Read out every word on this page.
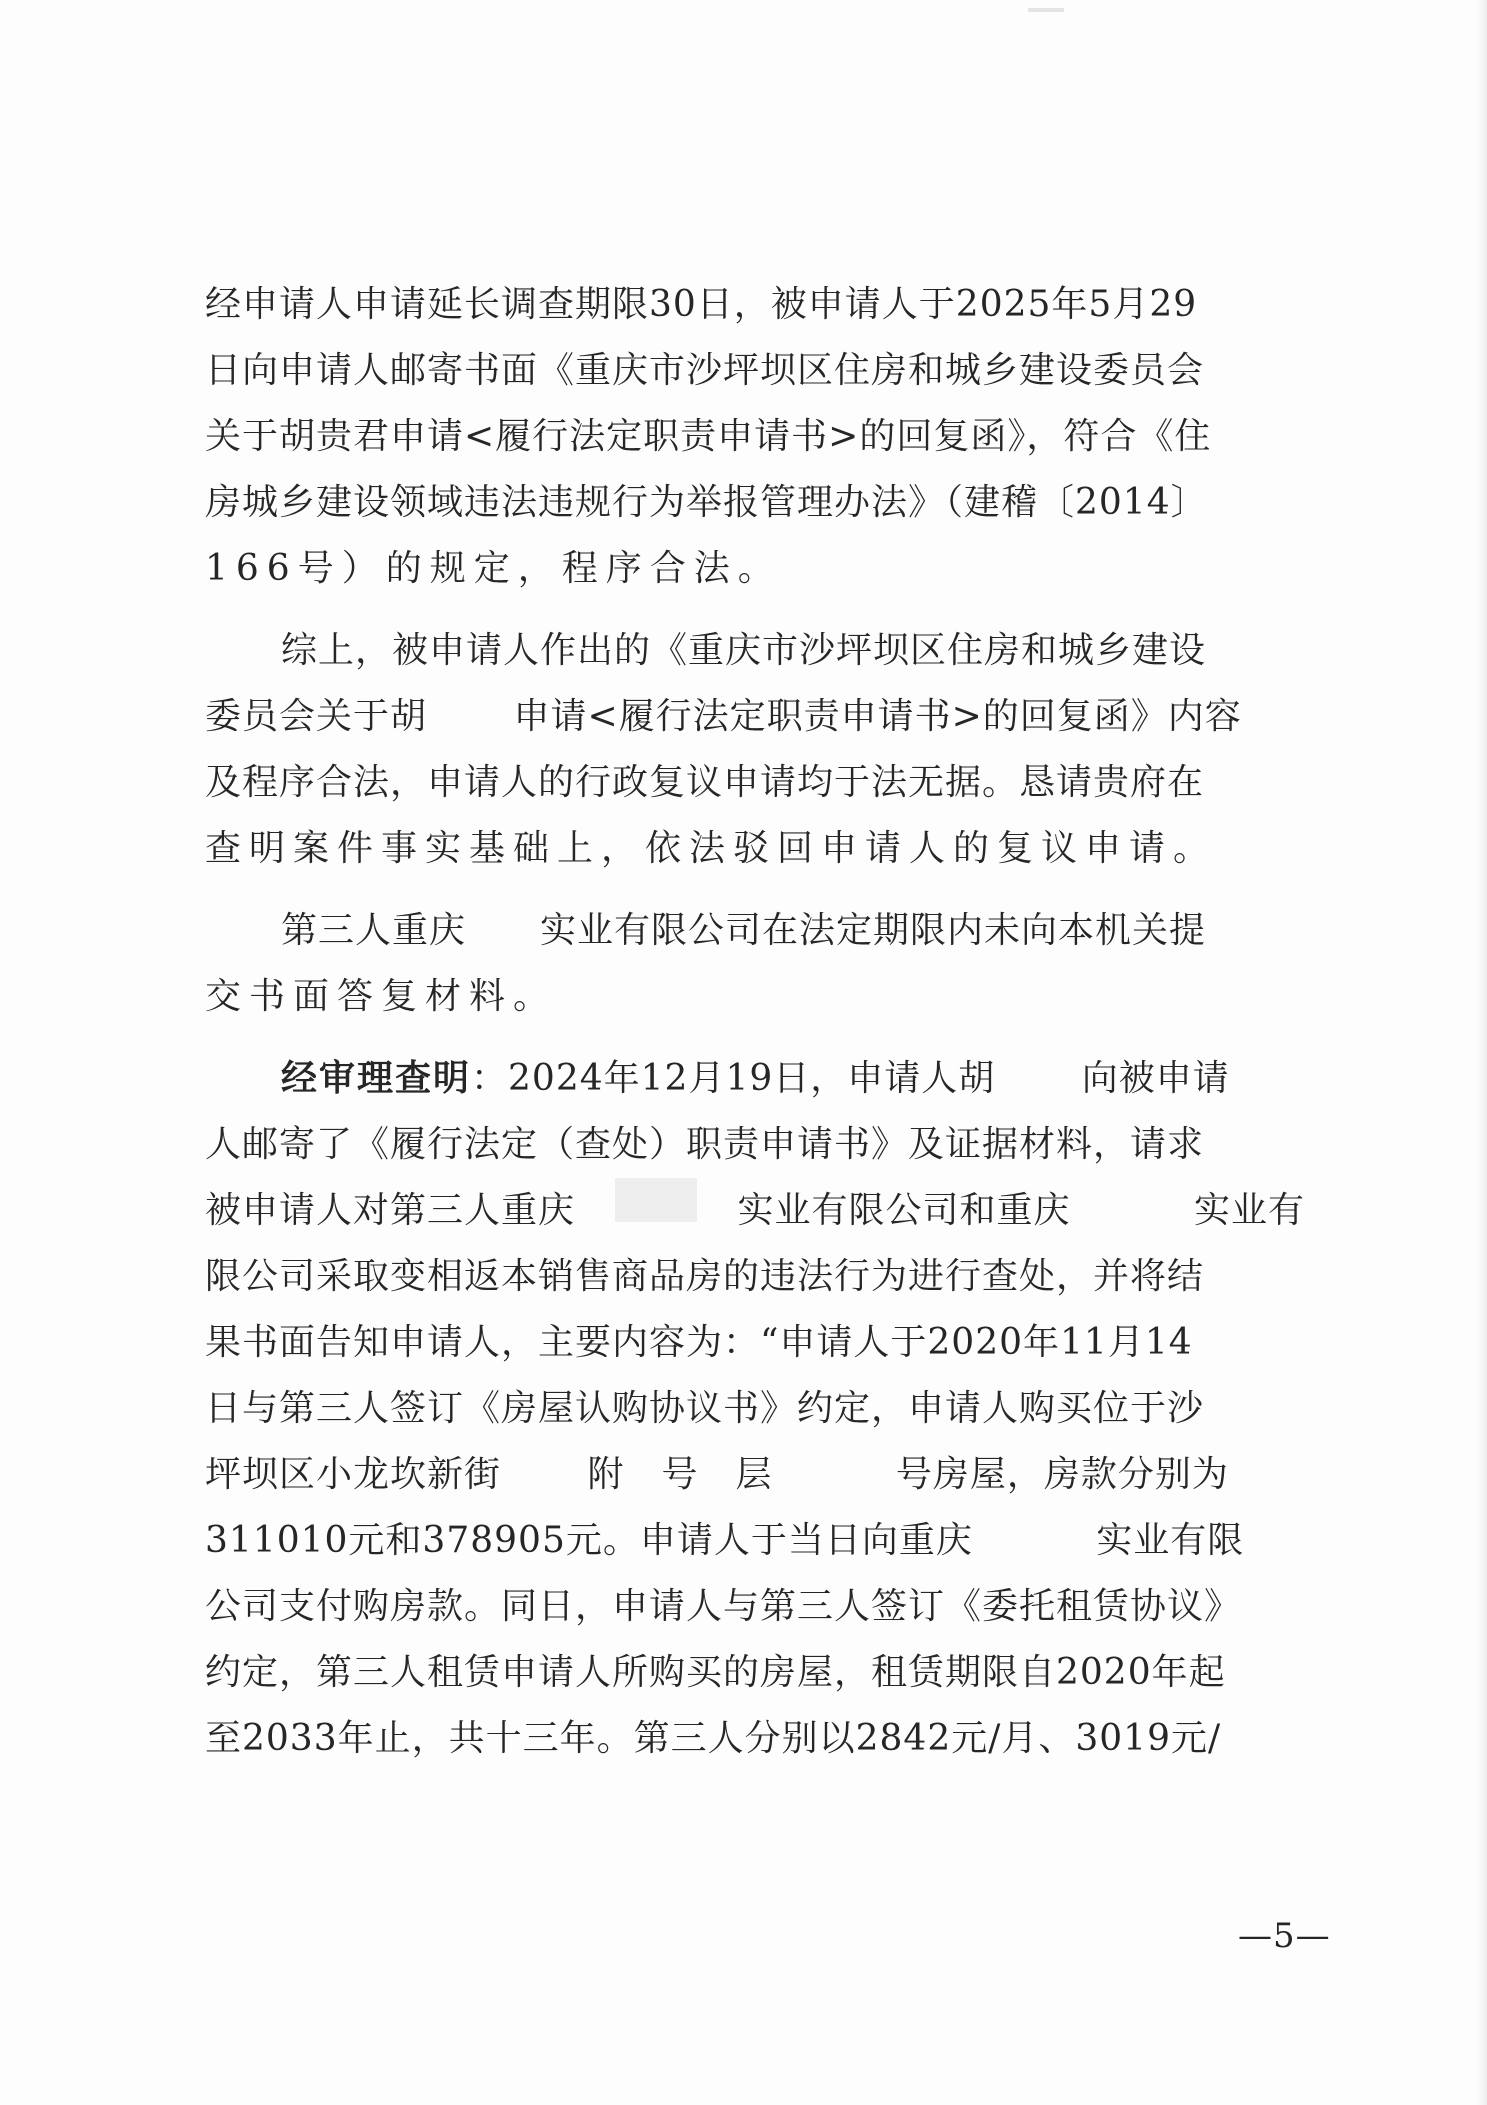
经申请人申请延长调查期限30日，被申请人于2025年5月29
日向申请人邮寄书面《重庆市沙坪坝区住房和城乡建设委员会
关于胡贵君申请<履行法定职责申请书>的回复函》，符合《住
房城乡建设领域违法违规行为举报管理办法》（建稽〔2014〕
166号）的规定，程序合法。
综上，被申请人作出的《重庆市沙坪坝区住房和城乡建设
委员会关于胡　　 申请<履行法定职责申请书>的回复函》内容
及程序合法，申请人的行政复议申请均于法无据。恳请贵府在
查明案件事实基础上，依法驳回申请人的复议申请。
第三人重庆　　实业有限公司在法定期限内未向本机关提
交书面答复材料。
经审理查明：2024年12月19日，申请人胡　　 向被申请
人邮寄了《履行法定（查处）职责申请书》及证据材料，请求
被申请人对第三人重庆	实业有限公司和重庆　　　 实业有
限公司采取变相返本销售商品房的违法行为进行查处，并将结
果书面告知申请人，主要内容为：“申请人于2020年11月14
日与第三人签订《房屋认购协议书》约定，申请人购买位于沙
坪坝区小龙坎新街　　 附　号　层　　　 号房屋，房款分别为
311010元和378905元。申请人于当日向重庆　　　 实业有限
公司支付购房款。同日，申请人与第三人签订《委托租赁协议》
约定，第三人租赁申请人所购买的房屋，租赁期限自2020年起
至2033年止，共十三年。第三人分别以2842元/月、3019元/
—5—
